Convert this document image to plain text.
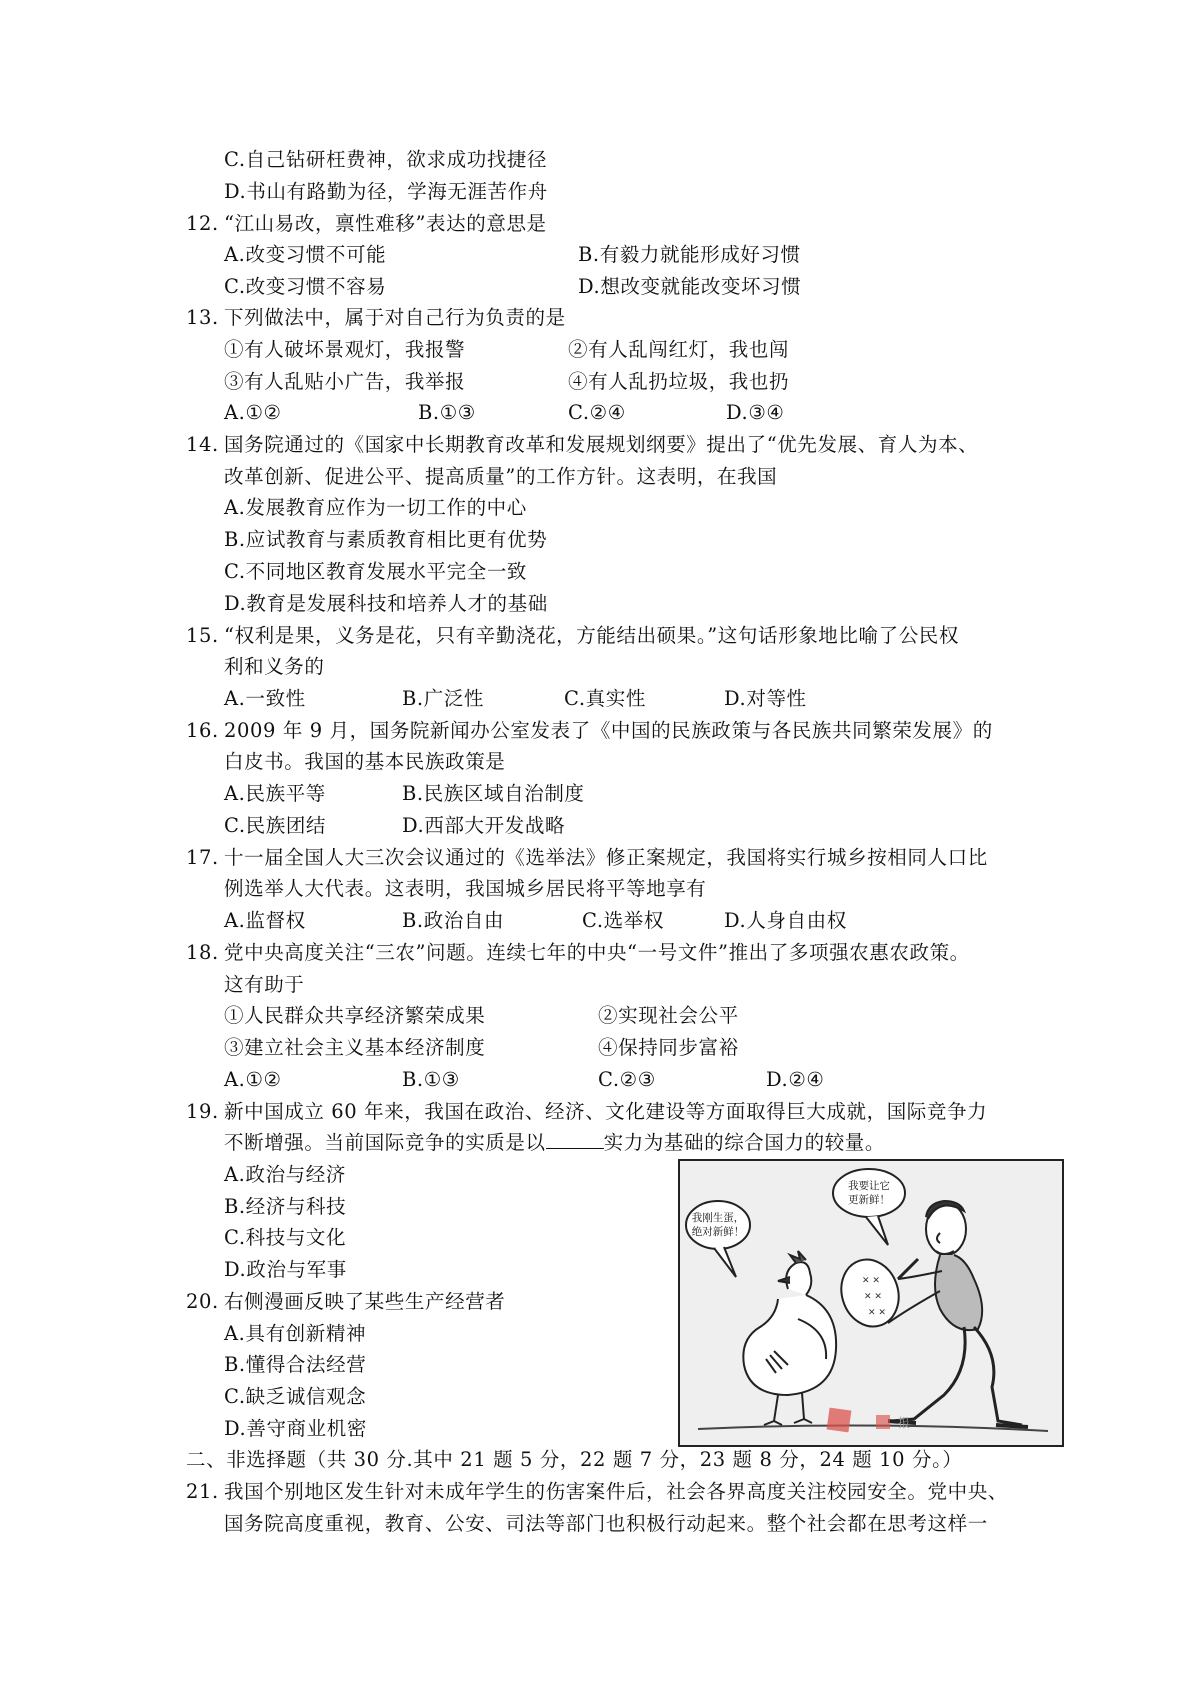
C.自己钻研枉费神，欲求成功找捷径
D.书山有路勤为径，学海无涯苦作舟
12. “江山易改，禀性难移”表达的意思是
A.改变习惯不可能	B.有毅力就能形成好习惯
C.改变习惯不容易	D.想改变就能改变坏习惯
13. 下列做法中，属于对自己行为负责的是
①有人破坏景观灯，我报警	②有人乱闯红灯，我也闯
③有人乱贴小广告，我举报	④有人乱扔垃圾，我也扔
A.①②	B.①③	C.②④	D.③④
14. 国务院通过的《国家中长期教育改革和发展规划纲要》提出了“优先发展、育人为本、
改革创新、促进公平、提高质量”的工作方针。这表明，在我国
A.发展教育应作为一切工作的中心
B.应试教育与素质教育相比更有优势
C.不同地区教育发展水平完全一致
D.教育是发展科技和培养人才的基础
15. “权利是果，义务是花，只有辛勤浇花，方能结出硕果。”这句话形象地比喻了公民权
利和义务的
A.一致性	B.广泛性	C.真实性	D.对等性
16. 2009 年 9 月，国务院新闻办公室发表了《中国的民族政策与各民族共同繁荣发展》的
白皮书。我国的基本民族政策是
A.民族平等	B.民族区域自治制度
C.民族团结	D.西部大开发战略
17. 十一届全国人大三次会议通过的《选举法》修正案规定，我国将实行城乡按相同人口比
例选举人大代表。这表明，我国城乡居民将平等地享有
A.监督权	B.政治自由	C.选举权	D.人身自由权
18. 党中央高度关注“三农”问题。连续七年的中央“一号文件”推出了多项强农惠农政策。
这有助于
①人民群众共享经济繁荣成果	②实现社会公平
③建立社会主义基本经济制度	④保持同步富裕
A.①②	B.①③	C.②③	D.②④
19. 新中国成立 60 年来，我国在政治、经济、文化建设等方面取得巨大成就，国际竞争力
不断增强。当前国际竞争的实质是以	实力为基础的综合国力的较量。
A.政治与经济
B.经济与科技
C.科技与文化
D.政治与军事
20. 右侧漫画反映了某些生产经营者
A.具有创新精神
B.懂得合法经营
C.缺乏诚信观念
D.善守商业机密
我刚生蛋，
绝对新鲜！
我要让它
更新鲜！
✕ ✕
✕ ✕
✕ ✕
报
二、非选择题（共 30 分.其中 21 题 5 分，22 题 7 分，23 题 8 分，24 题 10 分。）
21. 我国个别地区发生针对未成年学生的伤害案件后，社会各界高度关注校园安全。党中央、
国务院高度重视，教育、公安、司法等部门也积极行动起来。整个社会都在思考这样一
